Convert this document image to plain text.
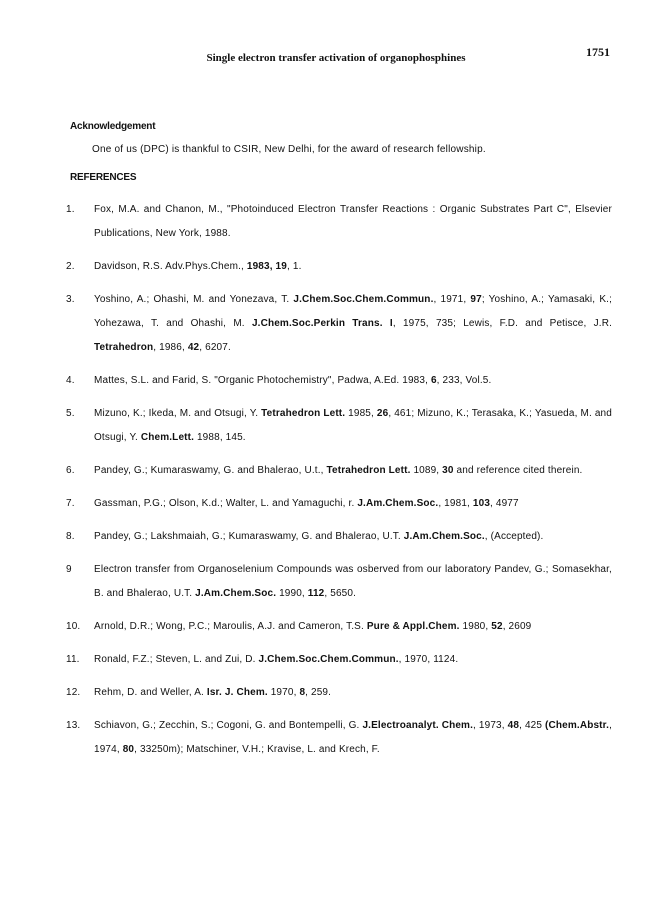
Single electron transfer activation of organophosphines	1751
Acknowledgement
One of us (DPC) is thankful to CSIR, New Delhi, for the award of research fellowship.
REFERENCES
1.	Fox, M.A. and Chanon, M., "Photoinduced Electron Transfer Reactions : Organic Substrates Part C", Elsevier Publications, New York, 1988.
2.	Davidson, R.S. Adv.Phys.Chem., 1983, 19, 1.
3.	Yoshino, A.; Ohashi, M. and Yonezava, T. J.Chem.Soc.Chem.Commun., 1971, 97; Yoshino, A.; Yamasaki, K.; Yohezawa, T. and Ohashi, M. J.Chem.Soc.Perkin Trans. I, 1975, 735; Lewis, F.D. and Petisce, J.R. Tetrahedron, 1986, 42, 6207.
4.	Mattes, S.L. and Farid, S. "Organic Photochemistry", Padwa, A.Ed. 1983, 6, 233, Vol.5.
5.	Mizuno, K.; Ikeda, M. and Otsugi, Y. Tetrahedron Lett. 1985, 26, 461; Mizuno, K.; Terasaka, K.; Yasueda, M. and Otsugi, Y. Chem.Lett. 1988, 145.
6.	Pandey, G.; Kumaraswamy, G. and Bhalerao, U.t., Tetrahedron Lett. 1089, 30 and reference cited therein.
7.	Gassman, P.G.; Olson, K.d.; Walter, L. and Yamaguchi, r. J.Am.Chem.Soc., 1981, 103, 4977
8.	Pandey, G.; Lakshmaiah, G.; Kumaraswamy, G. and Bhalerao, U.T. J.Am.Chem.Soc., (Accepted).
9	Electron transfer from Organoselenium Compounds was osberved from our laboratory Pandev, G.; Somasekhar, B. and Bhalerao, U.T. J.Am.Chem.Soc. 1990, 112, 5650.
10.	Arnold, D.R.; Wong, P.C.; Maroulis, A.J. and Cameron, T.S. Pure & Appl.Chem. 1980, 52, 2609
11.	Ronald, F.Z.; Steven, L. and Zui, D. J.Chem.Soc.Chem.Commun., 1970, 1124.
12.	Rehm, D. and Weller, A. Isr. J. Chem. 1970, 8, 259.
13.	Schiavon, G.; Zecchin, S.; Cogoni, G. and Bontempelli, G. J.Electroanalyt. Chem., 1973, 48, 425 (Chem.Abstr., 1974, 80, 33250m); Matschiner, V.H.; Kravise, L. and Krech, F.
